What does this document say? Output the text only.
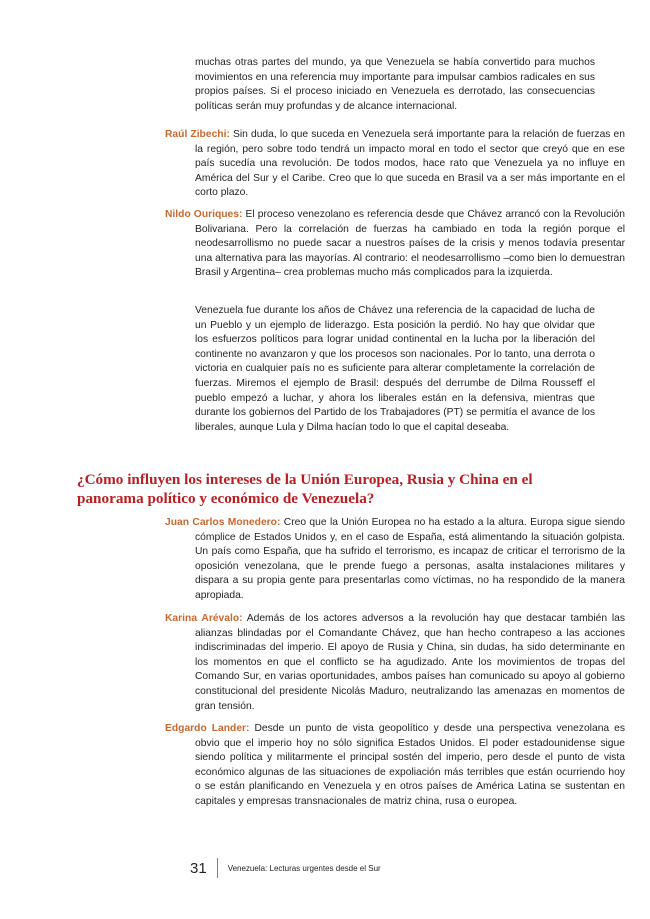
muchas otras partes del mundo, ya que Venezuela se había convertido para muchos movimientos en una referencia muy importante para impulsar cambios radicales en sus propios países. Si el proceso iniciado en Venezuela es derrotado, las consecuencias políticas serán muy profundas y de alcance internacional.
Raúl Zibechi: Sin duda, lo que suceda en Venezuela será importante para la relación de fuerzas en la región, pero sobre todo tendrá un impacto moral en todo el sector que creyó que en ese país sucedía una revolución. De todos modos, hace rato que Venezuela ya no influye en América del Sur y el Caribe. Creo que lo que suceda en Brasil va a ser más importante en el corto plazo.
Nildo Ouriques: El proceso venezolano es referencia desde que Chávez arrancó con la Revolución Bolivariana. Pero la correlación de fuerzas ha cambiado en toda la región porque el neodesarrollismo no puede sacar a nuestros países de la crisis y menos todavía presentar una alternativa para las mayorías. Al contrario: el neodesarrollismo –como bien lo demuestran Brasil y Argentina– crea problemas mucho más complicados para la izquierda.
Venezuela fue durante los años de Chávez una referencia de la capacidad de lucha de un Pueblo y un ejemplo de liderazgo. Esta posición la perdió. No hay que olvidar que los esfuerzos políticos para lograr unidad continental en la lucha por la liberación del continente no avanzaron y que los procesos son nacionales. Por lo tanto, una derrota o victoria en cualquier país no es suficiente para alterar completamente la correlación de fuerzas. Miremos el ejemplo de Brasil: después del derrumbe de Dilma Rousseff el pueblo empezó a luchar, y ahora los liberales están en la defensiva, mientras que durante los gobiernos del Partido de los Trabajadores (PT) se permitía el avance de los liberales, aunque Lula y Dilma hacían todo lo que el capital deseaba.
¿Cómo influyen los intereses de la Unión Europea, Rusia y China en el panorama político y económico de Venezuela?
Juan Carlos Monedero: Creo que la Unión Europea no ha estado a la altura. Europa sigue siendo cómplice de Estados Unidos y, en el caso de España, está alimentando la situación golpista. Un país como España, que ha sufrido el terrorismo, es incapaz de criticar el terrorismo de la oposición venezolana, que le prende fuego a personas, asalta instalaciones militares y dispara a su propia gente para presentarlas como víctimas, no ha respondido de la manera apropiada.
Karina Arévalo: Además de los actores adversos a la revolución hay que destacar también las alianzas blindadas por el Comandante Chávez, que han hecho contrapeso a las acciones indiscriminadas del imperio. El apoyo de Rusia y China, sin dudas, ha sido determinante en los momentos en que el conflicto se ha agudizado. Ante los movimientos de tropas del Comando Sur, en varias oportunidades, ambos países han comunicado su apoyo al gobierno constitucional del presidente Nicolás Maduro, neutralizando las amenazas en momentos de gran tensión.
Edgardo Lander: Desde un punto de vista geopolítico y desde una perspectiva venezolana es obvio que el imperio hoy no sólo significa Estados Unidos. El poder estadounidense sigue siendo política y militarmente el principal sostén del imperio, pero desde el punto de vista económico algunas de las situaciones de expoliación más terribles que están ocurriendo hoy o se están planificando en Venezuela y en otros países de América Latina se sustentan en capitales y empresas transnacionales de matriz china, rusa o europea.
31	Venezuela: Lecturas urgentes desde el Sur
